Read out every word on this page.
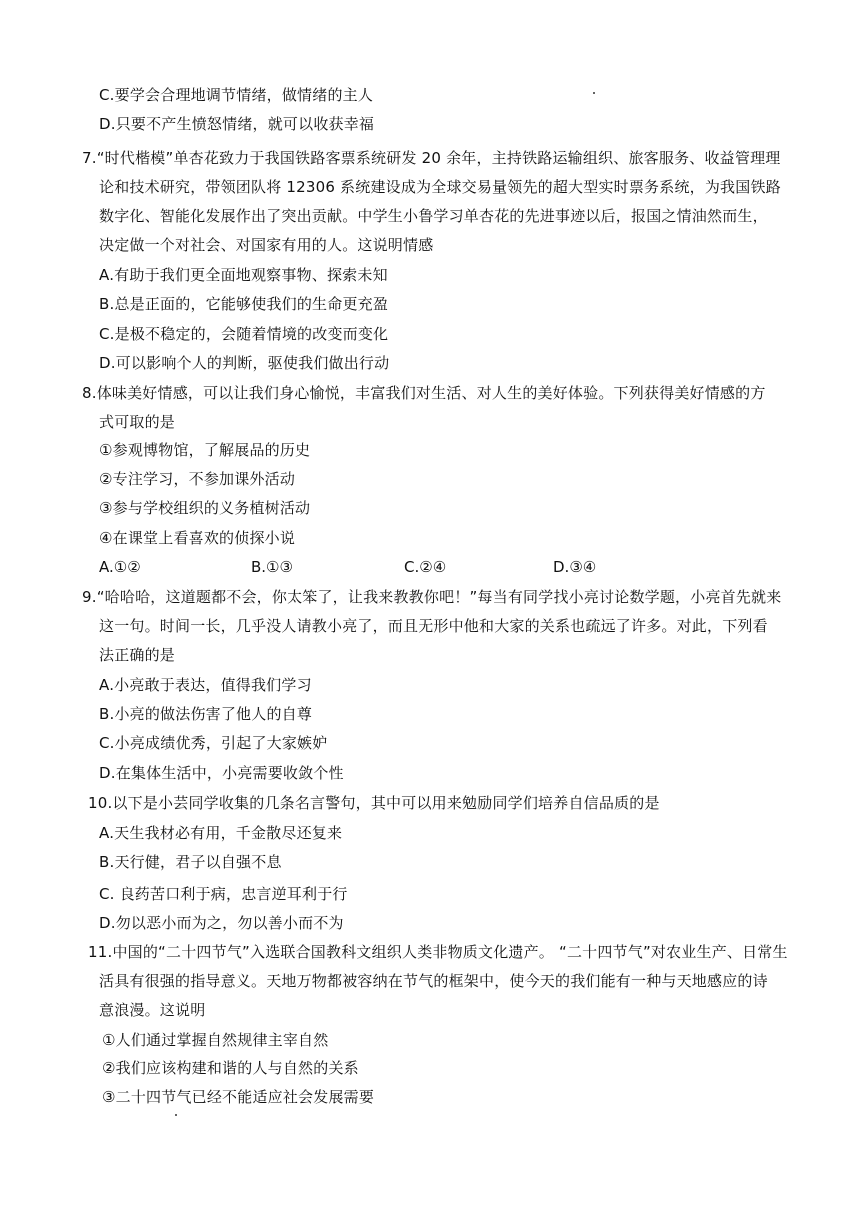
C.要学会合理地调节情绪，做情绪的主人
D.只要不产生愤怒情绪，就可以收获幸福
7.“时代楷模”单杏花致力于我国铁路客票系统研发 20 余年，主持铁路运输组织、旅客服务、收益管理理
论和技术研究，带领团队将 12306 系统建设成为全球交易量领先的超大型实时票务系统，为我国铁路
数字化、智能化发展作出了突出贡献。中学生小鲁学习单杏花的先进事迹以后，报国之情油然而生，
决定做一个对社会、对国家有用的人。这说明情感
A.有助于我们更全面地观察事物、探索未知
B.总是正面的，它能够使我们的生命更充盈
C.是极不稳定的，会随着情境的改变而变化
D.可以影响个人的判断，驱使我们做出行动
8.体味美好情感，可以让我们身心愉悦，丰富我们对生活、对人生的美好体验。下列获得美好情感的方
式可取的是
①参观博物馆，了解展品的历史
②专注学习，不参加课外活动
③参与学校组织的义务植树活动
④在课堂上看喜欢的侦探小说
A.①②	B.①③	C.②④	D.③④
9.“哈哈哈，这道题都不会，你太笨了，让我来教教你吧！”每当有同学找小亮讨论数学题，小亮首先就来
这一句。时间一长，几乎没人请教小亮了，而且无形中他和大家的关系也疏远了许多。对此，下列看
法正确的是
A.小亮敢于表达，值得我们学习
B.小亮的做法伤害了他人的自尊
C.小亮成绩优秀，引起了大家嫉妒
D.在集体生活中，小亮需要收敛个性
10.以下是小芸同学收集的几条名言警句，其中可以用来勉励同学们培养自信品质的是
A.天生我材必有用，千金散尽还复来
B.天行健，君子以自强不息
C. 良药苦口利于病，忠言逆耳利于行
D.勿以恶小而为之，勿以善小而不为
11.中国的“二十四节气”入选联合国教科文组织人类非物质文化遗产。 “二十四节气”对农业生产、日常生
活具有很强的指导意义。天地万物都被容纳在节气的框架中，使今天的我们能有一种与天地感应的诗
意浪漫。这说明
①人们通过掌握自然规律主宰自然
②我们应该构建和谐的人与自然的关系
③二十四节气已经不能适应社会发展需要
